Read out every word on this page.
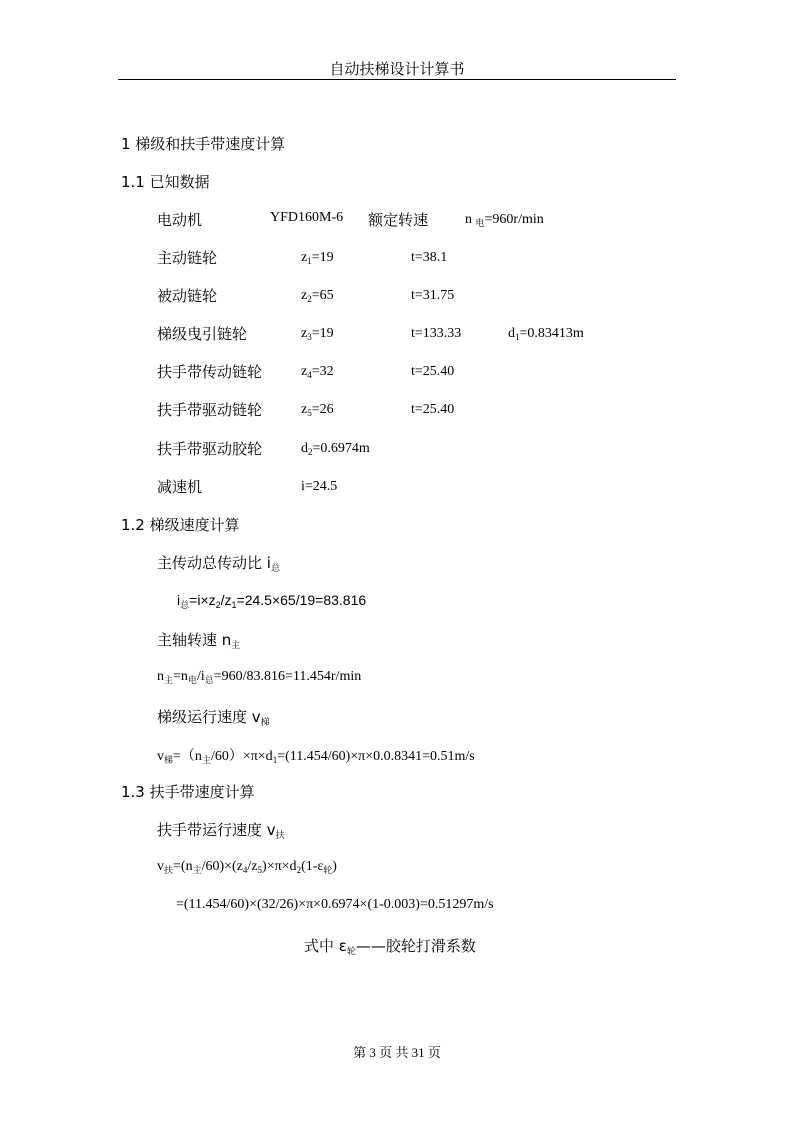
自动扶梯设计计算书
1 梯级和扶手带速度计算
1.1 已知数据
电动机	YFD160M-6 额定转速	n $_电$=960r/min
主动链轮	$z_1=19$	t=38.1
被动链轮	$z_2=65$	t=31.75
梯级曳引链轮	$z_3=19$	t=133.33	$d_1=0.83413m$
扶手带传动链轮	$z_4=32$	t=25.40
扶手带驱动链轮	$z_5=26$	t=25.40
扶手带驱动胶轮	$d_2=0.6974m$
减速机	i=24.5
1.2 梯级速度计算
主传动总传动比 $i_总$
$i_总=i\times z_2/z_1=24.5\times 65/19=83.816$
主轴转速 $n_主$
$n_主=n_电/i_总=960/83.816=11.454r/\min$
梯级运行速度 $v_梯$
$v_梯=(n_主/60)\times\pi\times d_1=(11.454/60)\times\pi\times 0.0.8341=0.51m/s$
1.3 扶手带速度计算
扶手带运行速度 $v_扶$
$v_扶=(n_主/60)\times(z_4/z_5)\times\pi\times d_2(1-\varepsilon_轮)$
=(11.454/60)×(32/26)×π×0.6974×(1-0.003)=0.51297m/s
式中 $\varepsilon_轮——$胶轮打滑系数
第 3 页 共 31 页
